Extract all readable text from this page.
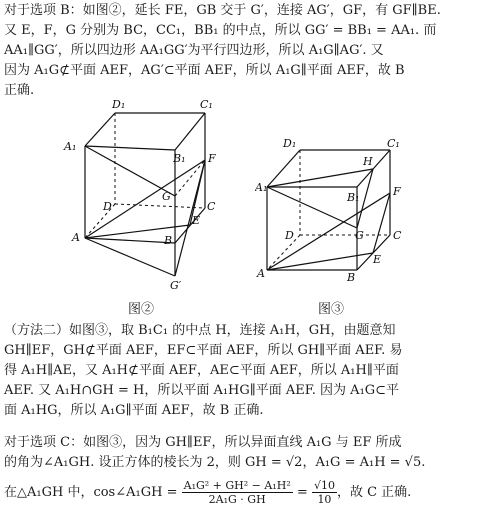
对于选项 B：如图②，延长 FE，GB 交于 G′，连接 AG′，GF，有 GF∥BE.
又 E，F，G 分别为 BC，CC₁，BB₁ 的中点，所以 GG′ = BB₁ = AA₁. 而
AA₁∥GG′，所以四边形 AA₁GG′为平行四边形，所以 A₁G∥AG′. 又
因为 A₁G⊄平面 AEF，AG′⊂平面 AEF，所以 A₁G∥平面 AEF，故 B
正确.
D₁	C₁
A₁
B₁ F
G
D	C
E
A	B
G′
图②
D₁	C₁
H
A₁
B₁	F
D	G	C
A	B
E
图③
（方法二）如图③，取 B₁C₁ 的中点 H，连接 A₁H，GH，由题意知
GH∥EF，GH⊄平面 AEF，EF⊂平面 AEF，所以 GH∥平面 AEF. 易
得 A₁H∥AE，又 A₁H⊄平面 AEF，AE⊂平面 AEF，所以 A₁H∥平面
AEF. 又 A₁H∩GH = H，所以平面 A₁HG∥平面 AEF. 因为 A₁G⊂平
面 A₁HG，所以 A₁G∥平面 AEF，故 B 正确.
对于选项 C：如图③，因为 GH∥EF，所以异面直线 A₁G 与 EF 所成
的角为∠A₁GH. 设正方体的棱长为 2，则 GH = √2，A₁G = A₁H = √5.
在△A₁GH 中，cos∠A₁GH = $\frac{\text{A₁G² + GH² − A₁H²}}{\text{2A₁G · GH}} = \frac{√10}{10}$ ，故 C 正确.
